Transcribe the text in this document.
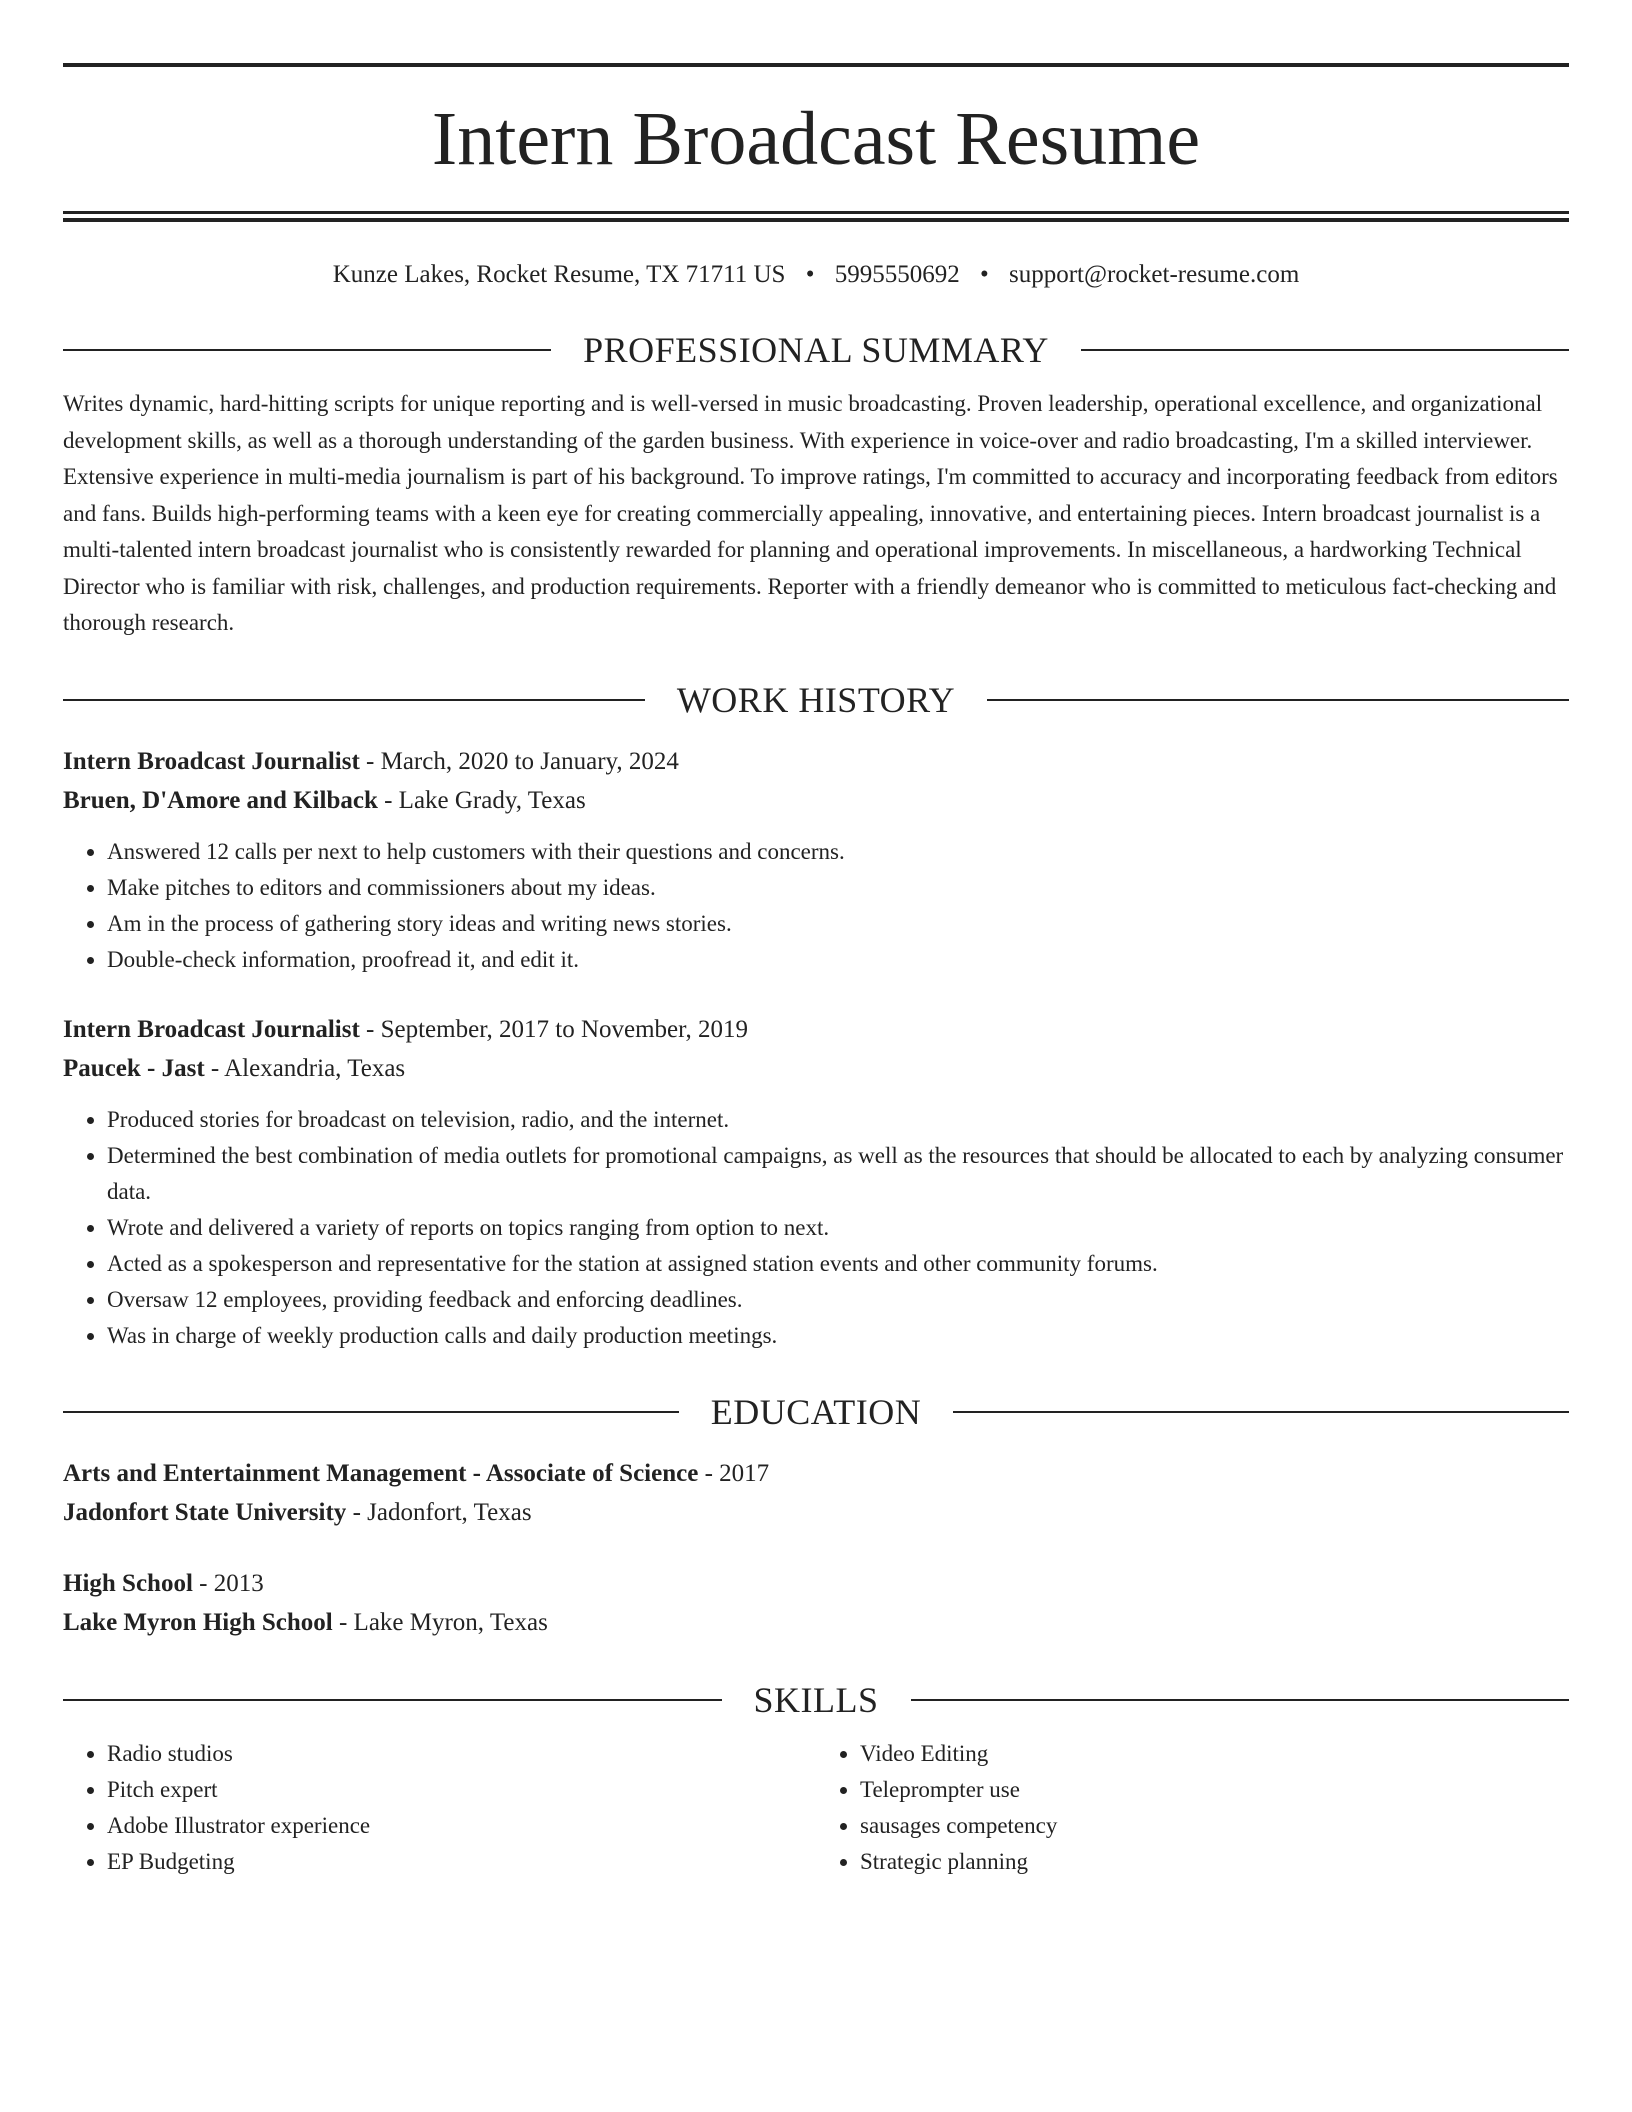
Intern Broadcast Resume
Kunze Lakes, Rocket Resume, TX 71711 US • 5995550692 • support@rocket-resume.com
PROFESSIONAL SUMMARY
Writes dynamic, hard-hitting scripts for unique reporting and is well-versed in music broadcasting. Proven leadership, operational excellence, and organizational development skills, as well as a thorough understanding of the garden business. With experience in voice-over and radio broadcasting, I'm a skilled interviewer. Extensive experience in multi-media journalism is part of his background. To improve ratings, I'm committed to accuracy and incorporating feedback from editors and fans. Builds high-performing teams with a keen eye for creating commercially appealing, innovative, and entertaining pieces. Intern broadcast journalist is a multi-talented intern broadcast journalist who is consistently rewarded for planning and operational improvements. In miscellaneous, a hardworking Technical Director who is familiar with risk, challenges, and production requirements. Reporter with a friendly demeanor who is committed to meticulous fact-checking and thorough research.
WORK HISTORY
Intern Broadcast Journalist - March, 2020 to January, 2024
Bruen, D'Amore and Kilback - Lake Grady, Texas
• Answered 12 calls per next to help customers with their questions and concerns.
• Make pitches to editors and commissioners about my ideas.
• Am in the process of gathering story ideas and writing news stories.
• Double-check information, proofread it, and edit it.
Intern Broadcast Journalist - September, 2017 to November, 2019
Paucek - Jast - Alexandria, Texas
• Produced stories for broadcast on television, radio, and the internet.
• Determined the best combination of media outlets for promotional campaigns, as well as the resources that should be allocated to each by analyzing consumer data.
• Wrote and delivered a variety of reports on topics ranging from option to next.
• Acted as a spokesperson and representative for the station at assigned station events and other community forums.
• Oversaw 12 employees, providing feedback and enforcing deadlines.
• Was in charge of weekly production calls and daily production meetings.
EDUCATION
Arts and Entertainment Management - Associate of Science - 2017
Jadonfort State University - Jadonfort, Texas
High School - 2013
Lake Myron High School - Lake Myron, Texas
SKILLS
• Radio studios
• Pitch expert
• Adobe Illustrator experience
• EP Budgeting
• Video Editing
• Teleprompter use
• sausages competency
• Strategic planning
